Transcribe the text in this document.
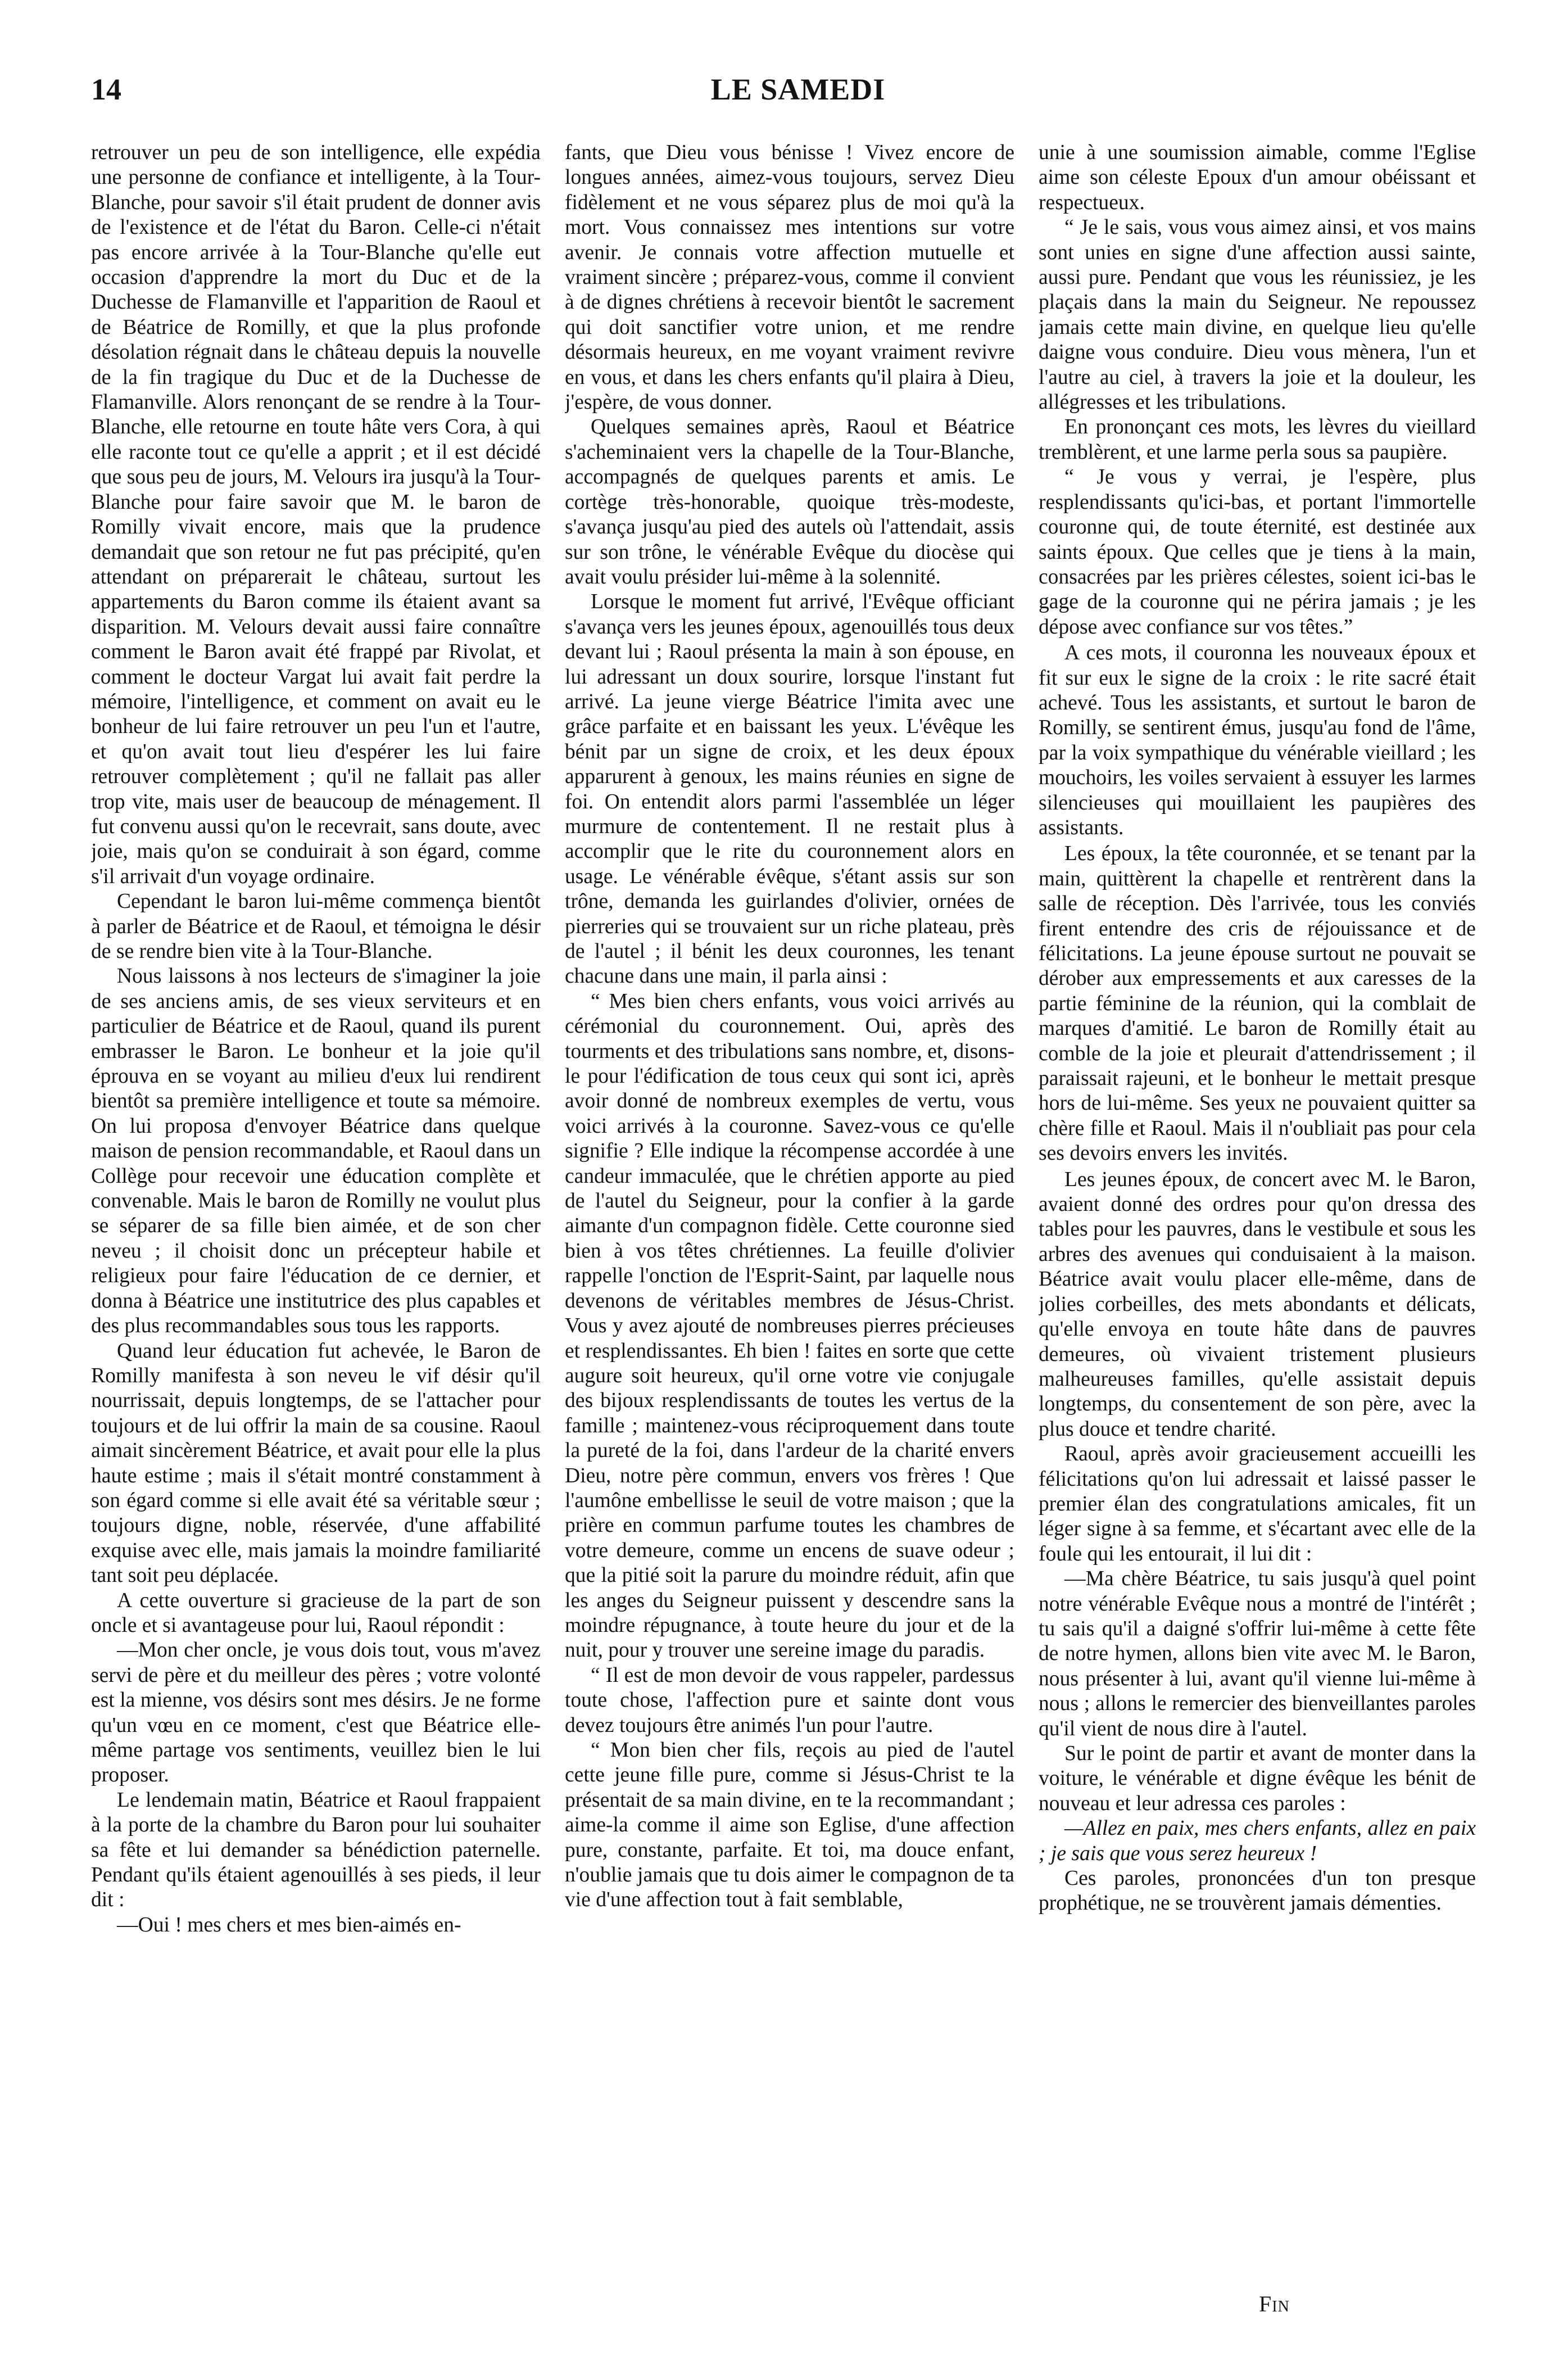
14	LE SAMEDI

retrouver un peu de son intelligence, elle expédia une personne de confiance et intelligente, à la Tour-Blanche, pour savoir s'il était prudent de donner avis de l'existence et de l'état du Baron. Celle-ci n'était pas encore arrivée à la Tour-Blanche qu'elle eut occasion d'apprendre la mort du Duc et de la Duchesse de Flamanville et l'apparition de Raoul et de Béatrice de Romilly, et que la plus profonde désolation régnait dans le château depuis la nouvelle de la fin tragique du Duc et de la Duchesse de Flamanville. Alors renonçant de se rendre à la Tour-Blanche, elle retourne en toute hâte vers Cora, à qui elle raconte tout ce qu'elle a apprit ; et il est décidé que sous peu de jours, M. Velours ira jusqu'à la Tour-Blanche pour faire savoir que M. le baron de Romilly vivait encore, mais que la prudence demandait que son retour ne fut pas précipité, qu'en attendant on préparerait le château, surtout les appartements du Baron comme ils étaient avant sa disparition. M. Velours devait aussi faire connaître comment le Baron avait été frappé par Rivolat, et comment le docteur Vargat lui avait fait perdre la mémoire, l'intelligence, et comment on avait eu le bonheur de lui faire retrouver un peu l'un et l'autre, et qu'on avait tout lieu d'espérer les lui faire retrouver complètement ; qu'il ne fallait pas aller trop vite, mais user de beaucoup de ménagement. Il fut convenu aussi qu'on le recevrait, sans doute, avec joie, mais qu'on se conduirait à son égard, comme s'il arrivait d'un voyage ordinaire.

Cependant le baron lui-même commença bientôt à parler de Béatrice et de Raoul, et témoigna le désir de se rendre bien vite à la Tour-Blanche.

Nous laissons à nos lecteurs de s'imaginer la joie de ses anciens amis, de ses vieux serviteurs et en particulier de Béatrice et de Raoul, quand ils purent embrasser le Baron. Le bonheur et la joie qu'il éprouva en se voyant au milieu d'eux lui rendirent bientôt sa première intelligence et toute sa mémoire. On lui proposa d'envoyer Béatrice dans quelque maison de pension recommandable, et Raoul dans un Collège pour recevoir une éducation complète et convenable. Mais le baron de Romilly ne voulut plus se séparer de sa fille bien aimée, et de son cher neveu ; il choisit donc un précepteur habile et religieux pour faire l'éducation de ce dernier, et donna à Béatrice une institutrice des plus capables et des plus recommandables sous tous les rapports.

Quand leur éducation fut achevée, le Baron de Romilly manifesta à son neveu le vif désir qu'il nourrissait, depuis longtemps, de se l'attacher pour toujours et de lui offrir la main de sa cousine. Raoul aimait sincèrement Béatrice, et avait pour elle la plus haute estime ; mais il s'était montré constamment à son égard comme si elle avait été sa véritable sœur ; toujours digne, noble, réservée, d'une affabilité exquise avec elle, mais jamais la moindre familiarité tant soit peu déplacée.

A cette ouverture si gracieuse de la part de son oncle et si avantageuse pour lui, Raoul répondit :

—Mon cher oncle, je vous dois tout, vous m'avez servi de père et du meilleur des pères ; votre volonté est la mienne, vos désirs sont mes désirs. Je ne forme qu'un vœu en ce moment, c'est que Béatrice elle-même partage vos sentiments, veuillez bien le lui proposer.

Le lendemain matin, Béatrice et Raoul frappaient à la porte de la chambre du Baron pour lui souhaiter sa fête et lui demander sa bénédiction paternelle. Pendant qu'ils étaient agenouillés à ses pieds, il leur dit :

—Oui ! mes chers et mes bien-aimés en-

fants, que Dieu vous bénisse ! Vivez encore de longues années, aimez-vous toujours, servez Dieu fidèlement et ne vous séparez plus de moi qu'à la mort. Vous connaissez mes intentions sur votre avenir. Je connais votre affection mutuelle et vraiment sincère ; préparez-vous, comme il convient à de dignes chrétiens à recevoir bientôt le sacrement qui doit sanctifier votre union, et me rendre désormais heureux, en me voyant vraiment revivre en vous, et dans les chers enfants qu'il plaira à Dieu, j'espère, de vous donner.

Quelques semaines après, Raoul et Béatrice s'acheminaient vers la chapelle de la Tour-Blanche, accompagnés de quelques parents et amis. Le cortège très-honorable, quoique très-modeste, s'avança jusqu'au pied des autels où l'attendait, assis sur son trône, le vénérable Evêque du diocèse qui avait voulu présider lui-même à la solennité.

Lorsque le moment fut arrivé, l'Evêque officiant s'avança vers les jeunes époux, agenouillés tous deux devant lui ; Raoul présenta la main à son épouse, en lui adressant un doux sourire, lorsque l'instant fut arrivé. La jeune vierge Béatrice l'imita avec une grâce parfaite et en baissant les yeux. L'évêque les bénit par un signe de croix, et les deux époux apparurent à genoux, les mains réunies en signe de foi. On entendit alors parmi l'assemblée un léger murmure de contentement. Il ne restait plus à accomplir que le rite du couronnement alors en usage. Le vénérable évêque, s'étant assis sur son trône, demanda les guirlandes d'olivier, ornées de pierreries qui se trouvaient sur un riche plateau, près de l'autel ; il bénit les deux couronnes, les tenant chacune dans une main, il parla ainsi :

“ Mes bien chers enfants, vous voici arrivés au cérémonial du couronnement. Oui, après des tourments et des tribulations sans nombre, et, disons-le pour l'édification de tous ceux qui sont ici, après avoir donné de nombreux exemples de vertu, vous voici arrivés à la couronne. Savez-vous ce qu'elle signifie ? Elle indique la récompense accordée à une candeur immaculée, que le chrétien apporte au pied de l'autel du Seigneur, pour la confier à la garde aimante d'un compagnon fidèle. Cette couronne sied bien à vos têtes chrétiennes. La feuille d'olivier rappelle l'onction de l'Esprit-Saint, par laquelle nous devenons de véritables membres de Jésus-Christ. Vous y avez ajouté de nombreuses pierres précieuses et resplendissantes. Eh bien ! faites en sorte que cette augure soit heureux, qu'il orne votre vie conjugale des bijoux resplendissants de toutes les vertus de la famille ; maintenez-vous réciproquement dans toute la pureté de la foi, dans l'ardeur de la charité envers Dieu, notre père commun, envers vos frères ! Que l'aumône embellisse le seuil de votre maison ; que la prière en commun parfume toutes les chambres de votre demeure, comme un encens de suave odeur ; que la pitié soit la parure du moindre réduit, afin que les anges du Seigneur puissent y descendre sans la moindre répugnance, à toute heure du jour et de la nuit, pour y trouver une sereine image du paradis.

“ Il est de mon devoir de vous rappeler, pardessus toute chose, l'affection pure et sainte dont vous devez toujours être animés l'un pour l'autre.

“ Mon bien cher fils, reçois au pied de l'autel cette jeune fille pure, comme si Jésus-Christ te la présentait de sa main divine, en te la recommandant ; aime-la comme il aime son Eglise, d'une affection pure, constante, parfaite. Et toi, ma douce enfant, n'oublie jamais que tu dois aimer le compagnon de ta vie d'une affection tout à fait semblable,

unie à une soumission aimable, comme l'Eglise aime son céleste Epoux d'un amour obéissant et respectueux.

“ Je le sais, vous vous aimez ainsi, et vos mains sont unies en signe d'une affection aussi sainte, aussi pure. Pendant que vous les réunissiez, je les plaçais dans la main du Seigneur. Ne repoussez jamais cette main divine, en quelque lieu qu'elle daigne vous conduire. Dieu vous mènera, l'un et l'autre au ciel, à travers la joie et la douleur, les allégresses et les tribulations.

En prononçant ces mots, les lèvres du vieillard tremblèrent, et une larme perla sous sa paupière.

“ Je vous y verrai, je l'espère, plus resplendissants qu'ici-bas, et portant l'immortelle couronne qui, de toute éternité, est destinée aux saints époux. Que celles que je tiens à la main, consacrées par les prières célestes, soient ici-bas le gage de la couronne qui ne périra jamais ; je les dépose avec confiance sur vos têtes.”

A ces mots, il couronna les nouveaux époux et fit sur eux le signe de la croix : le rite sacré était achevé. Tous les assistants, et surtout le baron de Romilly, se sentirent émus, jusqu'au fond de l'âme, par la voix sympathique du vénérable vieillard ; les mouchoirs, les voiles servaient à essuyer les larmes silencieuses qui mouillaient les paupières des assistants.

Les époux, la tête couronnée, et se tenant par la main, quittèrent la chapelle et rentrèrent dans la salle de réception. Dès l'arrivée, tous les conviés firent entendre des cris de réjouissance et de félicitations. La jeune épouse surtout ne pouvait se dérober aux empressements et aux caresses de la partie féminine de la réunion, qui la comblait de marques d'amitié. Le baron de Romilly était au comble de la joie et pleurait d'attendrissement ; il paraissait rajeuni, et le bonheur le mettait presque hors de lui-même. Ses yeux ne pouvaient quitter sa chère fille et Raoul. Mais il n'oubliait pas pour cela ses devoirs envers les invités.

Les jeunes époux, de concert avec M. le Baron, avaient donné des ordres pour qu'on dressa des tables pour les pauvres, dans le vestibule et sous les arbres des avenues qui conduisaient à la maison. Béatrice avait voulu placer elle-même, dans de jolies corbeilles, des mets abondants et délicats, qu'elle envoya en toute hâte dans de pauvres demeures, où vivaient tristement plusieurs malheureuses familles, qu'elle assistait depuis longtemps, du consentement de son père, avec la plus douce et tendre charité.

Raoul, après avoir gracieusement accueilli les félicitations qu'on lui adressait et laissé passer le premier élan des congratulations amicales, fit un léger signe à sa femme, et s'écartant avec elle de la foule qui les entourait, il lui dit :

—Ma chère Béatrice, tu sais jusqu'à quel point notre vénérable Evêque nous a montré de l'intérêt ; tu sais qu'il a daigné s'offrir lui-même à cette fête de notre hymen, allons bien vite avec M. le Baron, nous présenter à lui, avant qu'il vienne lui-même à nous ; allons le remercier des bienveillantes paroles qu'il vient de nous dire à l'autel.

Sur le point de partir et avant de monter dans la voiture, le vénérable et digne évêque les bénit de nouveau et leur adressa ces paroles :

—Allez en paix, mes chers enfants, allez en paix ; je sais que vous serez heureux !

Ces paroles, prononcées d'un ton presque prophétique, ne se trouvèrent jamais démenties.

Fin
